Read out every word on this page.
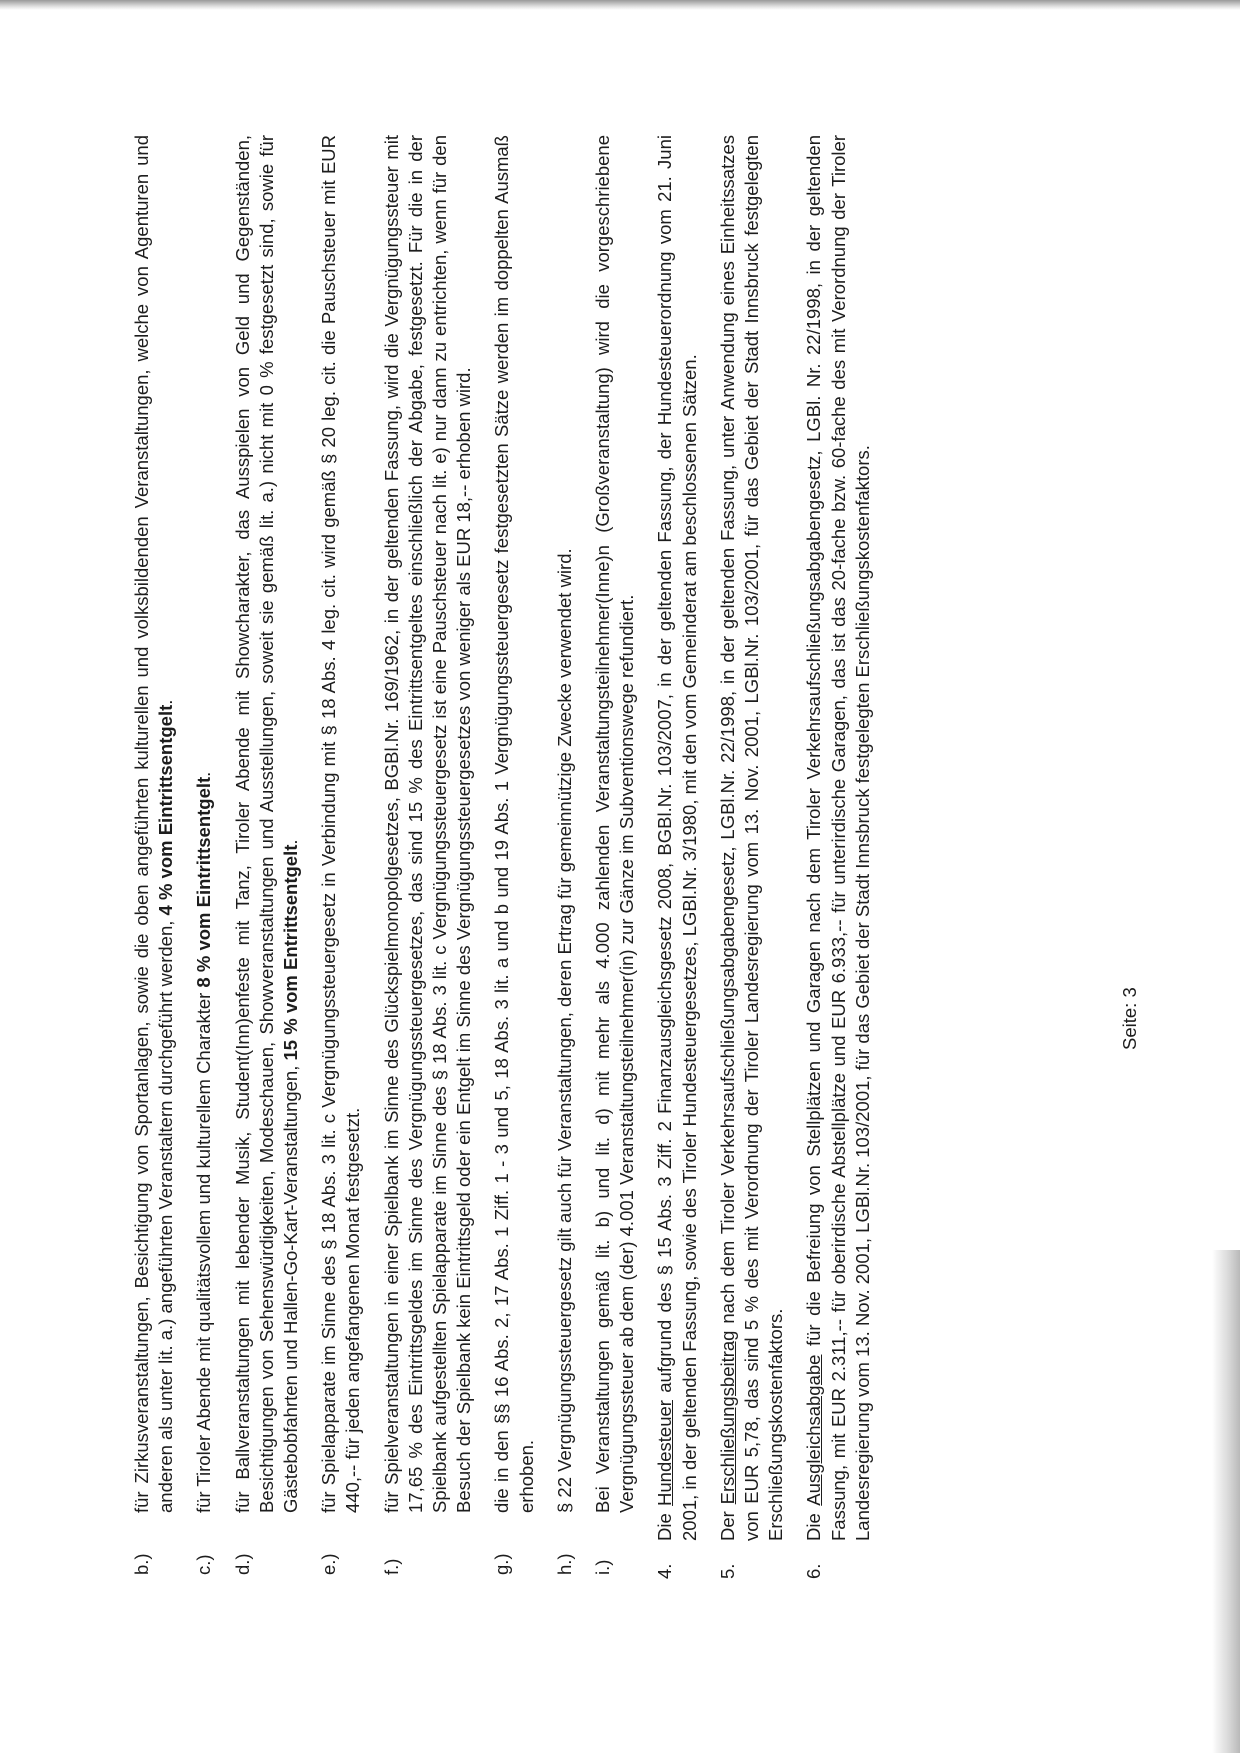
b.)
für Zirkusveranstaltungen, Besichtigung von Sportanlagen, sowie die oben angeführten kulturellen und volksbildenden Veranstaltungen, welche von Agenturen und anderen als unter lit. a.) angeführten Veranstaltern durchgeführt werden, 4 % vom Eintrittsentgelt.
c.)
für Tiroler Abende mit qualitätsvollem und kulturellem Charakter 8 % vom Eintrittsentgelt.
d.)
für Ballveranstaltungen mit lebender Musik, Student(Inn)enfeste mit Tanz, Tiroler Abende mit Showcharakter, das Ausspielen von Geld und Gegenständen, Besichtigungen von Sehenswürdigkeiten, Modeschauen, Showveranstaltungen und Ausstellungen, soweit sie gemäß lit. a.) nicht mit 0 % festgesetzt sind, sowie für Gästebobfahrten und Hallen-Go-Kart-Veranstaltungen, 15 % vom Entrittsentgelt.
e.)
für Spielapparate im Sinne des § 18 Abs. 3 lit. c Vergnügungssteuergesetz in Verbindung mit § 18 Abs. 4 leg. cit. wird gemäß § 20 leg. cit. die Pauschsteuer mit EUR 440,-- für jeden angefangenen Monat festgesetzt.
f.)
für Spielveranstaltungen in einer Spielbank im Sinne des Glückspielmonopolgesetzes, BGBl.Nr. 169/1962, in der geltenden Fassung, wird die Vergnügungssteuer mit 17,65 % des Eintrittsgeldes im Sinne des Vergnügungssteuergesetzes, das sind 15 % des Eintrittsentgeltes einschließlich der Abgabe, festgesetzt. Für die in der Spielbank aufgestellten Spielapparate im Sinne des § 18 Abs. 3 lit. c Vergnügungssteuergesetz ist eine Pauschsteuer nach lit. e) nur dann zu entrichten, wenn für den Besuch der Spielbank kein Eintrittsgeld oder ein Entgelt im Sinne des Vergnügungssteuergesetzes von weniger als EUR 18,-- erhoben wird.
g.)
die in den §§ 16 Abs. 2, 17 Abs. 1 Ziff. 1 - 3 und 5, 18 Abs. 3 lit. a und b und 19 Abs. 1 Vergnügungssteuergesetz festgesetzten Sätze werden im doppelten Ausmaß erhoben.
h.)
§ 22 Vergnügungssteuergesetz gilt auch für Veranstaltungen, deren Ertrag für gemeinnützige Zwecke verwendet wird.
i.)
Bei Veranstaltungen gemäß lit. b) und lit. d) mit mehr als 4.000 zahlenden Veranstaltungsteilnehmer(Inne)n (Großveranstaltung) wird die vorgeschriebene Vergnügungssteuer ab dem (der) 4.001 Veranstaltungsteilnehmer(in) zur Gänze im Subventionswege refundiert.
4.
Die Hundesteuer aufgrund des § 15 Abs. 3 Ziff. 2 Finanzausgleichsgesetz 2008, BGBl.Nr. 103/2007, in der geltenden Fassung, der Hundesteuerordnung vom 21. Juni 2001, in der geltenden Fassung, sowie des Tiroler Hundesteuergesetzes, LGBl.Nr. 3/1980, mit den vom Gemeinderat am beschlossenen Sätzen.
5.
Der Erschließungsbeitrag nach dem Tiroler Verkehrsaufschließungsabgabengesetz, LGBl.Nr. 22/1998, in der geltenden Fassung, unter Anwendung eines Einheitssatzes von EUR 5,78, das sind 5 % des mit Verordnung der Tiroler Landesregierung vom 13. Nov. 2001, LGBl.Nr. 103/2001, für das Gebiet der Stadt Innsbruck festgelegten Erschließungskostenfaktors.
6.
Die Ausgleichsabgabe für die Befreiung von Stellplätzen und Garagen nach dem Tiroler Verkehrsaufschließungsabgabengesetz, LGBl. Nr. 22/1998, in der geltenden Fassung, mit EUR 2.311,-- für oberirdische Abstellplätze und EUR 6.933,-- für unterirdische Garagen, das ist das 20-fache bzw. 60-fache des mit Verordnung der Tiroler Landesregierung vom 13. Nov. 2001, LGBl.Nr. 103/2001, für das Gebiet der Stadt Innsbruck festgelegten Erschließungskostenfaktors.	Seite: 3
